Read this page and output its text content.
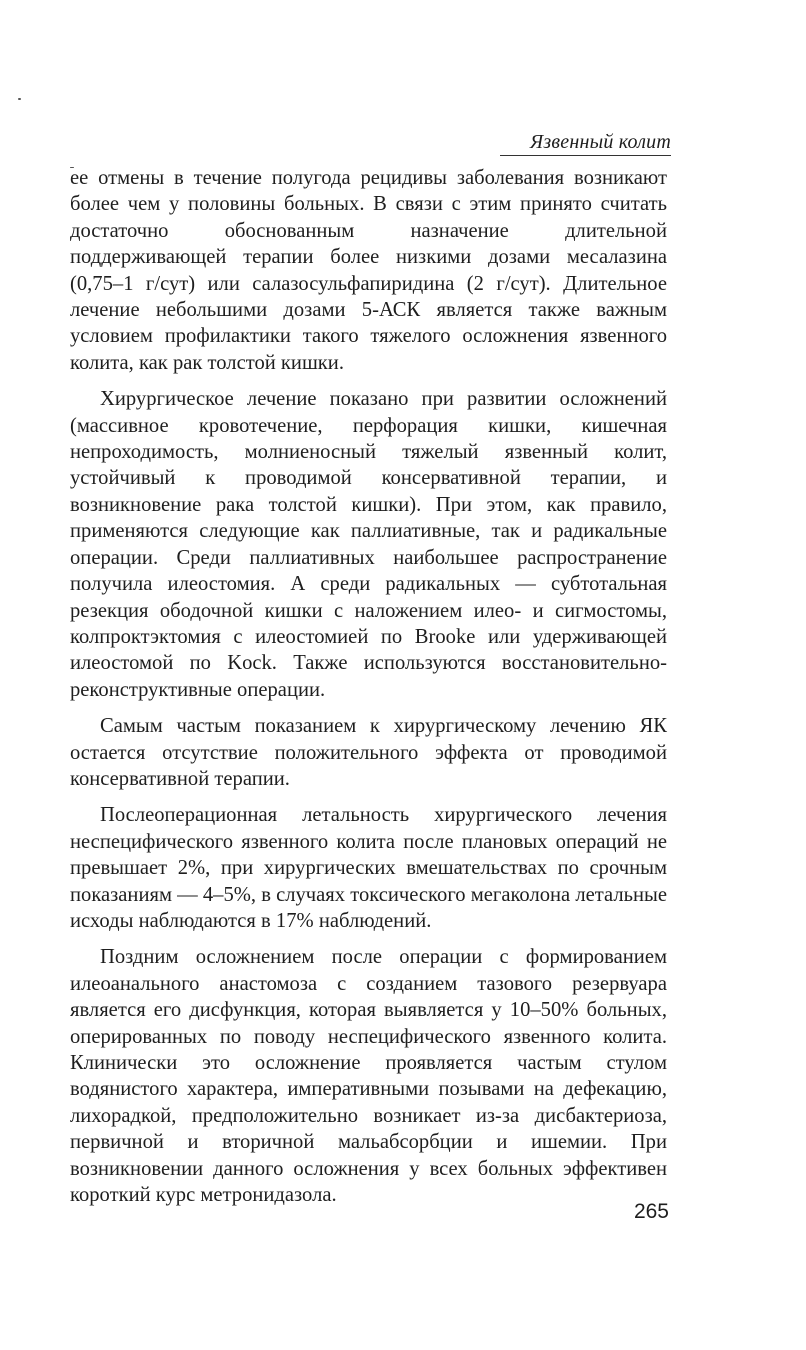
Язвенный колит

ее отмены в течение полугода рецидивы заболевания возникают более чем у половины больных. В связи с этим принято считать достаточно обоснованным назначение длительной поддерживающей терапии более низкими дозами месалазина (0,75–1 г/сут) или салазосульфапиридина (2 г/сут). Длительное лечение небольшими дозами 5-АСК является также важным условием профилактики такого тяжелого осложнения язвенного колита, как рак толстой кишки.

Хирургическое лечение показано при развитии осложнений (массивное кровотечение, перфорация кишки, кишечная непроходимость, молниеносный тяжелый язвенный колит, устойчивый к проводимой консервативной терапии, и возникновение рака толстой кишки). При этом, как правило, применяются следующие как паллиативные, так и радикальные операции. Среди паллиативных наибольшее распространение получила илеостомия. А среди радикальных — субтотальная резекция ободочной кишки с наложением илео- и сигмостомы, колпроктэктомия с илеостомией по Brooke или удерживающей илеостомой по Kock. Также используются восстановительно-реконструктивные операции.

Самым частым показанием к хирургическому лечению ЯК остается отсутствие положительного эффекта от проводимой консервативной терапии.

Послеоперационная летальность хирургического лечения неспецифического язвенного колита после плановых операций не превышает 2%, при хирургических вмешательствах по срочным показаниям — 4–5%, в случаях токсического мегаколона летальные исходы наблюдаются в 17% наблюдений.

Поздним осложнением после операции с формированием илеоанального анастомоза с созданием тазового резервуара является его дисфункция, которая выявляется у 10–50% больных, оперированных по поводу неспецифического язвенного колита. Клинически это осложнение проявляется частым стулом водянистого характера, императивными позывами на дефекацию, лихорадкой, предположительно возникает из-за дисбактериоза, первичной и вторичной мальабсорбции и ишемии. При возникновении данного осложнения у всех больных эффективен короткий курс метронидазола.

265
